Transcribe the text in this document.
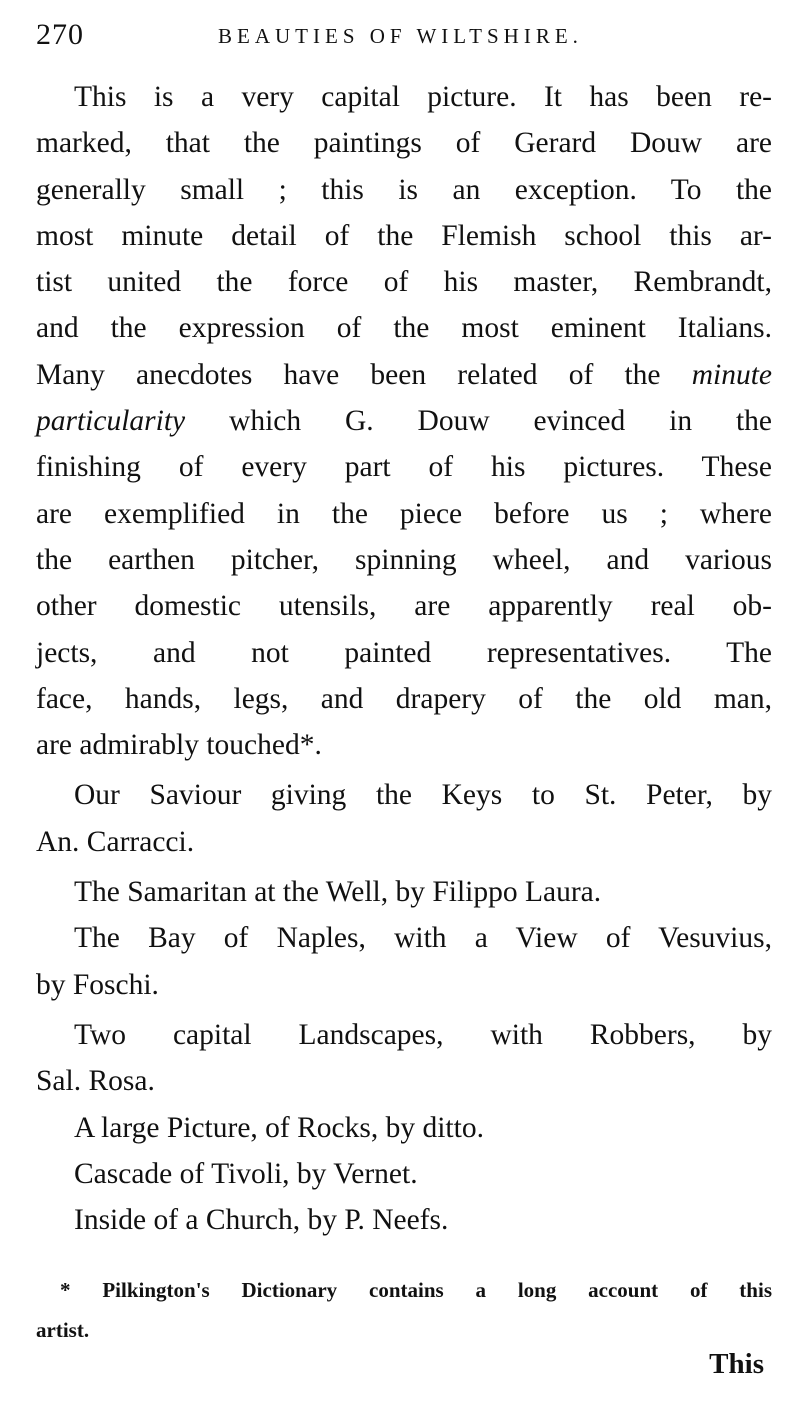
270	BEAUTIES OF WILTSHIRE.
This is a very capital picture. It has been re-
marked, that the paintings of Gerard Douw are
generally small ; this is an exception. To the
most minute detail of the Flemish school this ar-
tist united the force of his master, Rembrandt,
and the expression of the most eminent Italians.
Many anecdotes have been related of the minute
particularity which G. Douw evinced in the
finishing of every part of his pictures. These
are exemplified in the piece before us ; where
the earthen pitcher, spinning wheel, and various
other domestic utensils, are apparently real ob-
jects, and not painted representatives. The
face, hands, legs, and drapery of the old man,
are admirably touched*.
Our Saviour giving the Keys to St. Peter, by
An. Carracci.
The Samaritan at the Well, by Filippo Laura.
The Bay of Naples, with a View of Vesuvius,
by Foschi.
Two capital Landscapes, with Robbers, by
Sal. Rosa.
A large Picture, of Rocks, by ditto.
Cascade of Tivoli, by Vernet.
Inside of a Church, by P. Neefs.
* Pilkington's Dictionary contains a long account of this
artist.
This
